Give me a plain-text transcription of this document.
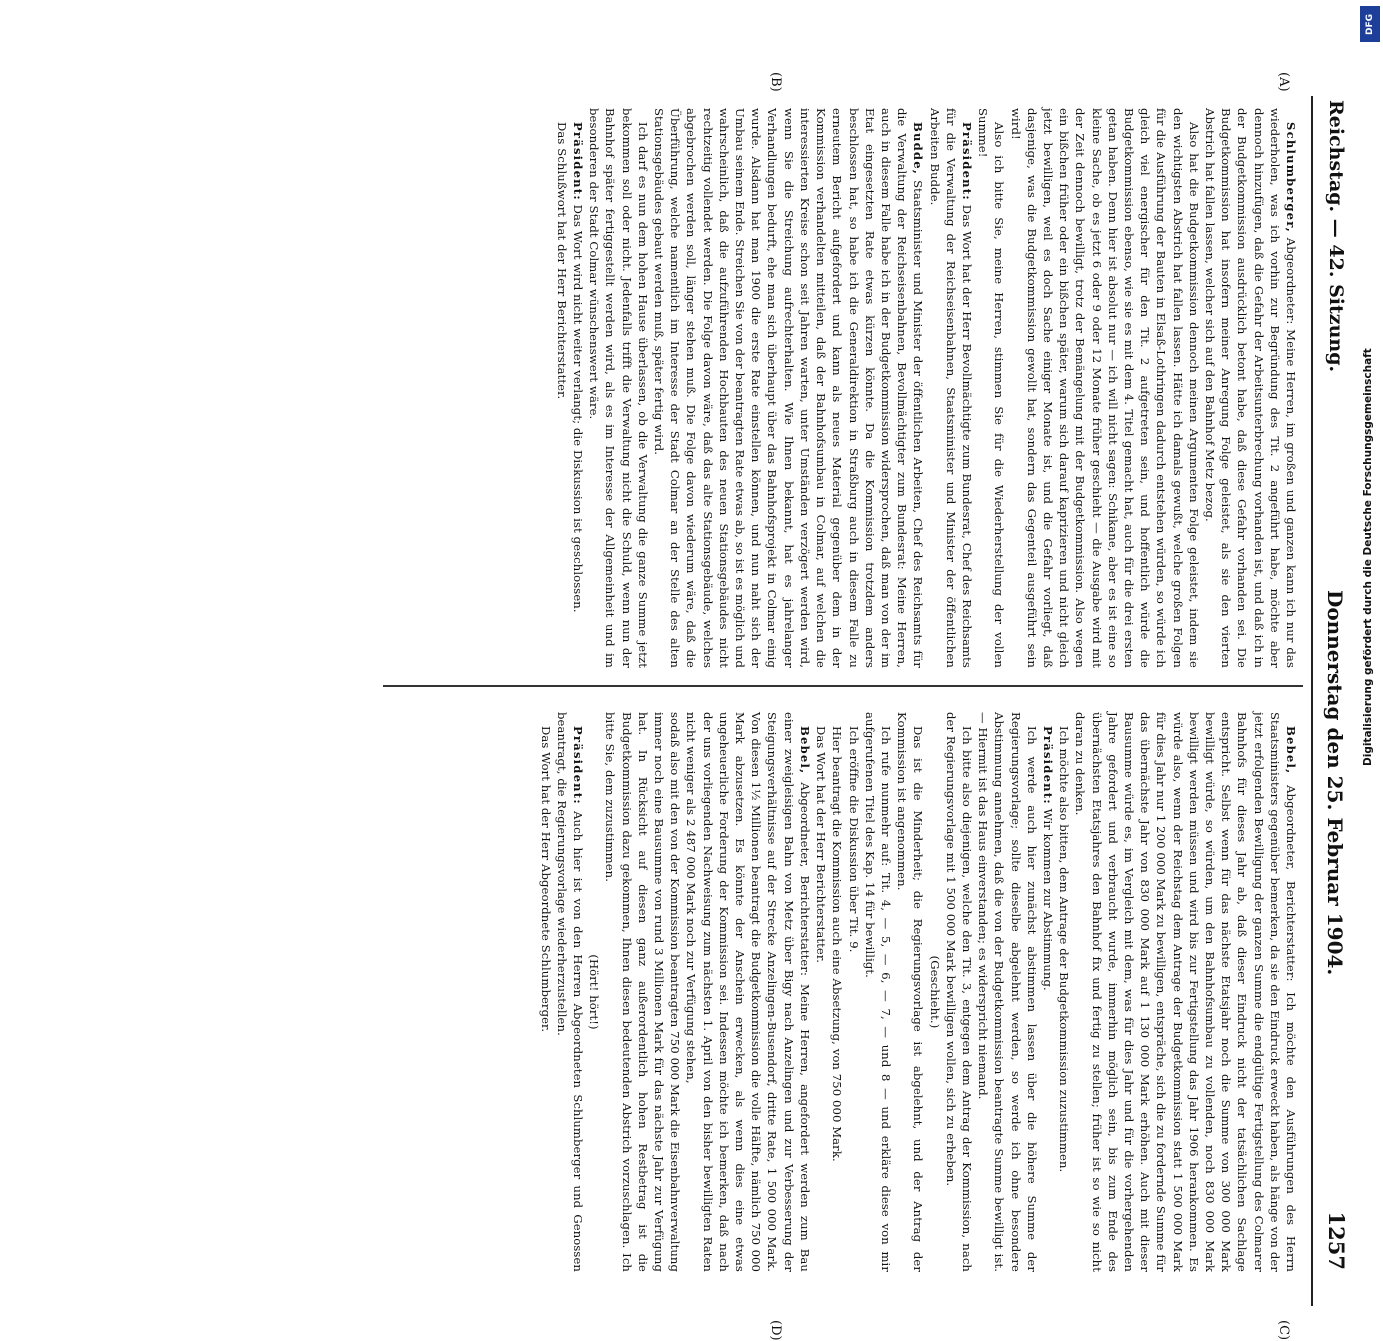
Reichstag. — 42. Sitzung.
Donnerstag den 25. Februar 1904.
1257
(A)
(B)
(C)
(D)

Schlumberger, Abgeordneter: Meine Herren, im großen und ganzen kann ich nur das wiederholen, was ich vorhin zur Begründung des Tit. 2 angeführt habe, möchte aber dennoch hinzufügen, daß die Gefahr der Arbeitsunterbrechung vorhanden ist, und daß ich in der Budgetkommission ausdrücklich betont habe, daß diese Gefahr vorhanden sei. Die Budgetkommission hat insofern meiner Anregung Folge geleistet, als sie den vierten Abstrich hat fallen lassen, welcher sich auf den Bahnhof Metz bezog.

Also hat die Budgetkommission dennoch meinen Argumenten Folge geleistet, indem sie den wichtigsten Abstrich hat fallen lassen. Hätte ich damals gewußt, welche großen Folgen für die Ausführung der Bauten in Elsaß-Lothringen dadurch entstehen würden, so würde ich gleich viel energischer für den Tit. 2 aufgetreten sein, und hoffentlich würde die Budgetkommission ebenso, wie sie es mit dem 4. Titel gemacht hat, auch für die drei ersten getan haben. Denn hier ist absolut nur — ich will nicht sagen: Schikane, aber es ist eine so kleine Sache, ob es jetzt 6 oder 9 oder 12 Monate früher geschieht — die Ausgabe wird mit der Zeit dennoch bewilligt, trotz der Bemängelung mit der Budgetkommission. Also wegen ein bißchen früher oder ein bißchen später, warum sich darauf kaprizieren und nicht gleich jetzt bewilligen, weil es doch Sache einiger Monate ist, und die Gefahr vorliegt, daß dasjenige, was die Budgetkommission gewollt hat, sondern das Gegenteil ausgeführt sein wird!

Also ich bitte Sie, meine Herren, stimmen Sie für die Wiederherstellung der vollen Summe!

Präsident: Das Wort hat der Herr Bevollmächtigte zum Bundesrat, Chef des Reichsamts für die Verwaltung der Reichseisenbahnen, Staatsminister und Minister der öffentlichen Arbeiten Budde.

Budde, Staatsminister und Minister der öffentlichen Arbeiten, Chef des Reichsamts für die Verwaltung der Reichseisenbahnen, Bevollmächtigter zum Bundesrat: Meine Herren, auch in diesem Falle habe ich in der Budgetkommission widersprochen, daß man von der im Etat eingesetzten Rate etwas kürzen könnte. Da die Kommission trotzdem anders beschlossen hat, so habe ich die Generaldirektion in Straßburg auch in diesem Falle zu erneutem Bericht aufgefordert und kann als neues Material gegenüber dem in der Kommission verhandelten mitteilen, daß der Bahnhofsumbau in Colmar, auf welchen die interessierten Kreise schon seit Jahren warten, unter Umständen verzögert werden wird, wenn Sie die Streichung aufrechterhalten. Wie Ihnen bekannt, hat es jahrelanger Verhandlungen bedurft, ehe man sich überhaupt über das Bahnhofsprojekt in Colmar einig wurde. Alsdann hat man 1900 die erste Rate einstellen können, und nun naht sich der Umbau seinem Ende. Streichen Sie von der beantragten Rate etwas ab, so ist es möglich und wahrscheinlich, daß die aufzuführenden Hochbauten des neuen Stationsgebäudes nicht rechtzeitig vollendet werden. Die Folge davon wäre, daß das alte Stationsgebäude, welches abgebrochen werden soll, länger stehen muß. Die Folge davon wiederum wäre, daß die Überführung, welche namentlich im Interesse der Stadt Colmar an der Stelle des alten Stationsgebäudes gebaut werden muß, später fertig wird.

Ich darf es nun dem hohen Hause überlassen, ob die Verwaltung die ganze Summe jetzt bekommen soll oder nicht. Jedenfalls trifft die Verwaltung nicht die Schuld, wenn nun der Bahnhof später fertiggestellt werden wird, als es im Interesse der Allgemeinheit und im besonderen der Stadt Colmar wünschenswert wäre.

Präsident: Das Wort wird nicht weiter verlangt; die Diskussion ist geschlossen.

Das Schlußwort hat der Herr Berichterstatter.

Bebel, Abgeordneter, Berichterstatter: Ich möchte den Ausführungen des Herrn Staatsministers gegenüber bemerken, da sie den Eindruck erweckt haben, als hänge von der jetzt erfolgenden Bewilligung der ganzen Summe die endgültige Fertigstellung des Colmarer Bahnhofs für dieses Jahr ab, daß dieser Eindruck nicht der tatsächlichen Sachlage entspricht. Selbst wenn für das nächste Etatsjahr noch die Summe von 300 000 Mark bewilligt würde, so würden, um den Bahnhofsumbau zu vollenden, noch 830 000 Mark bewilligt werden müssen und wird bis zur Fertigstellung das Jahr 1906 herankommen. Es würde also, wenn der Reichstag dem Antrage der Budgetkommission statt 1 500 000 Mark für dies Jahr nur 1 200 000 Mark zu bewilligen, entspräche, sich die zu fordernde Summe für das übernächste Jahr von 830 000 Mark auf 1 130 000 Mark erhöhen. Auch mit dieser Bausumme würde es, im Vergleich mit dem, was für dies Jahr und für die vorhergehenden Jahre gefordert und verbraucht wurde, immerhin möglich sein, bis zum Ende des übernächsten Etatsjahres den Bahnhof fix und fertig zu stellen; früher ist so wie so nicht daran zu denken.

Ich möchte also bitten, dem Antrage der Budgetkommission zuzustimmen.

Präsident: Wir kommen zur Abstimmung.

Ich werde auch hier zunächst abstimmen lassen über die höhere Summe der Regierungsvorlage; sollte dieselbe abgelehnt werden, so werde ich ohne besondere Abstimmung annehmen, daß die von der Budgetkommission beantragte Summe bewilligt ist. — Hiermit ist das Haus einverstanden; es widerspricht niemand.

Ich bitte also diejenigen, welche den Tit. 3, entgegen dem Antrag der Kommission, nach der Regierungsvorlage mit 1 500 000 Mark bewilligen wollen, sich zu erheben.

(Geschieht.)

Das ist die Minderheit; die Regierungsvorlage ist abgelehnt, und der Antrag der Kommission ist angenommen.

Ich rufe nunmehr auf: Tit. 4, — 5, — 6, — 7, — und 8 — und erkläre diese von mir aufgerufenen Titel des Kap. 14 für bewilligt.

Ich eröffne die Diskussion über Tit. 9.

Hier beantragt die Kommission auch eine Absetzung, von 750 000 Mark.

Das Wort hat der Herr Berichterstatter.

Bebel, Abgeordneter, Berichterstatter: Meine Herren, angefordert werden zum Bau einer zweigleisigen Bahn von Metz über Bigy nach Anzelingen und zur Verbesserung der Steigungsverhältnisse auf der Strecke Anzelingen-Busendorf, dritte Rate, 1 500 000 Mark. Von diesen 1½ Millionen beantragt die Budgetkommission die volle Hälfte, nämlich 750 000 Mark abzusetzen. Es könnte der Anschein erwecken, als wenn dies eine etwas ungeheuerliche Forderung der Kommission sei. Indessen möchte ich bemerken, daß nach der uns vorliegenden Nachweisung zum nächsten 1. April von den bisher bewilligten Raten nicht weniger als 2 487 000 Mark noch zur Verfügung stehen,

sodaß also mit den von der Kommission beantragten 750 000 Mark die Eisenbahnverwaltung immer noch eine Bausumme von rund 3 Millionen Mark für das nächste Jahr zur Verfügung hat. In Rücksicht auf diesen ganz außerordentlich hohen Restbetrag ist die Budgetkommission dazu gekommen, Ihnen diesen bedeutenden Abstrich vorzuschlagen. Ich bitte Sie, dem zuzustimmen.

(Hört! hört!)

Präsident: Auch hier ist von den Herren Abgeordneten Schlumberger und Genossen beantragt, die Regierungsvorlage wiederherzustellen.

Das Wort hat der Herr Abgeordnete Schlumberger.

DFG
Digitalisierung gefördert durch die Deutsche Forschungsgemeinschaft
